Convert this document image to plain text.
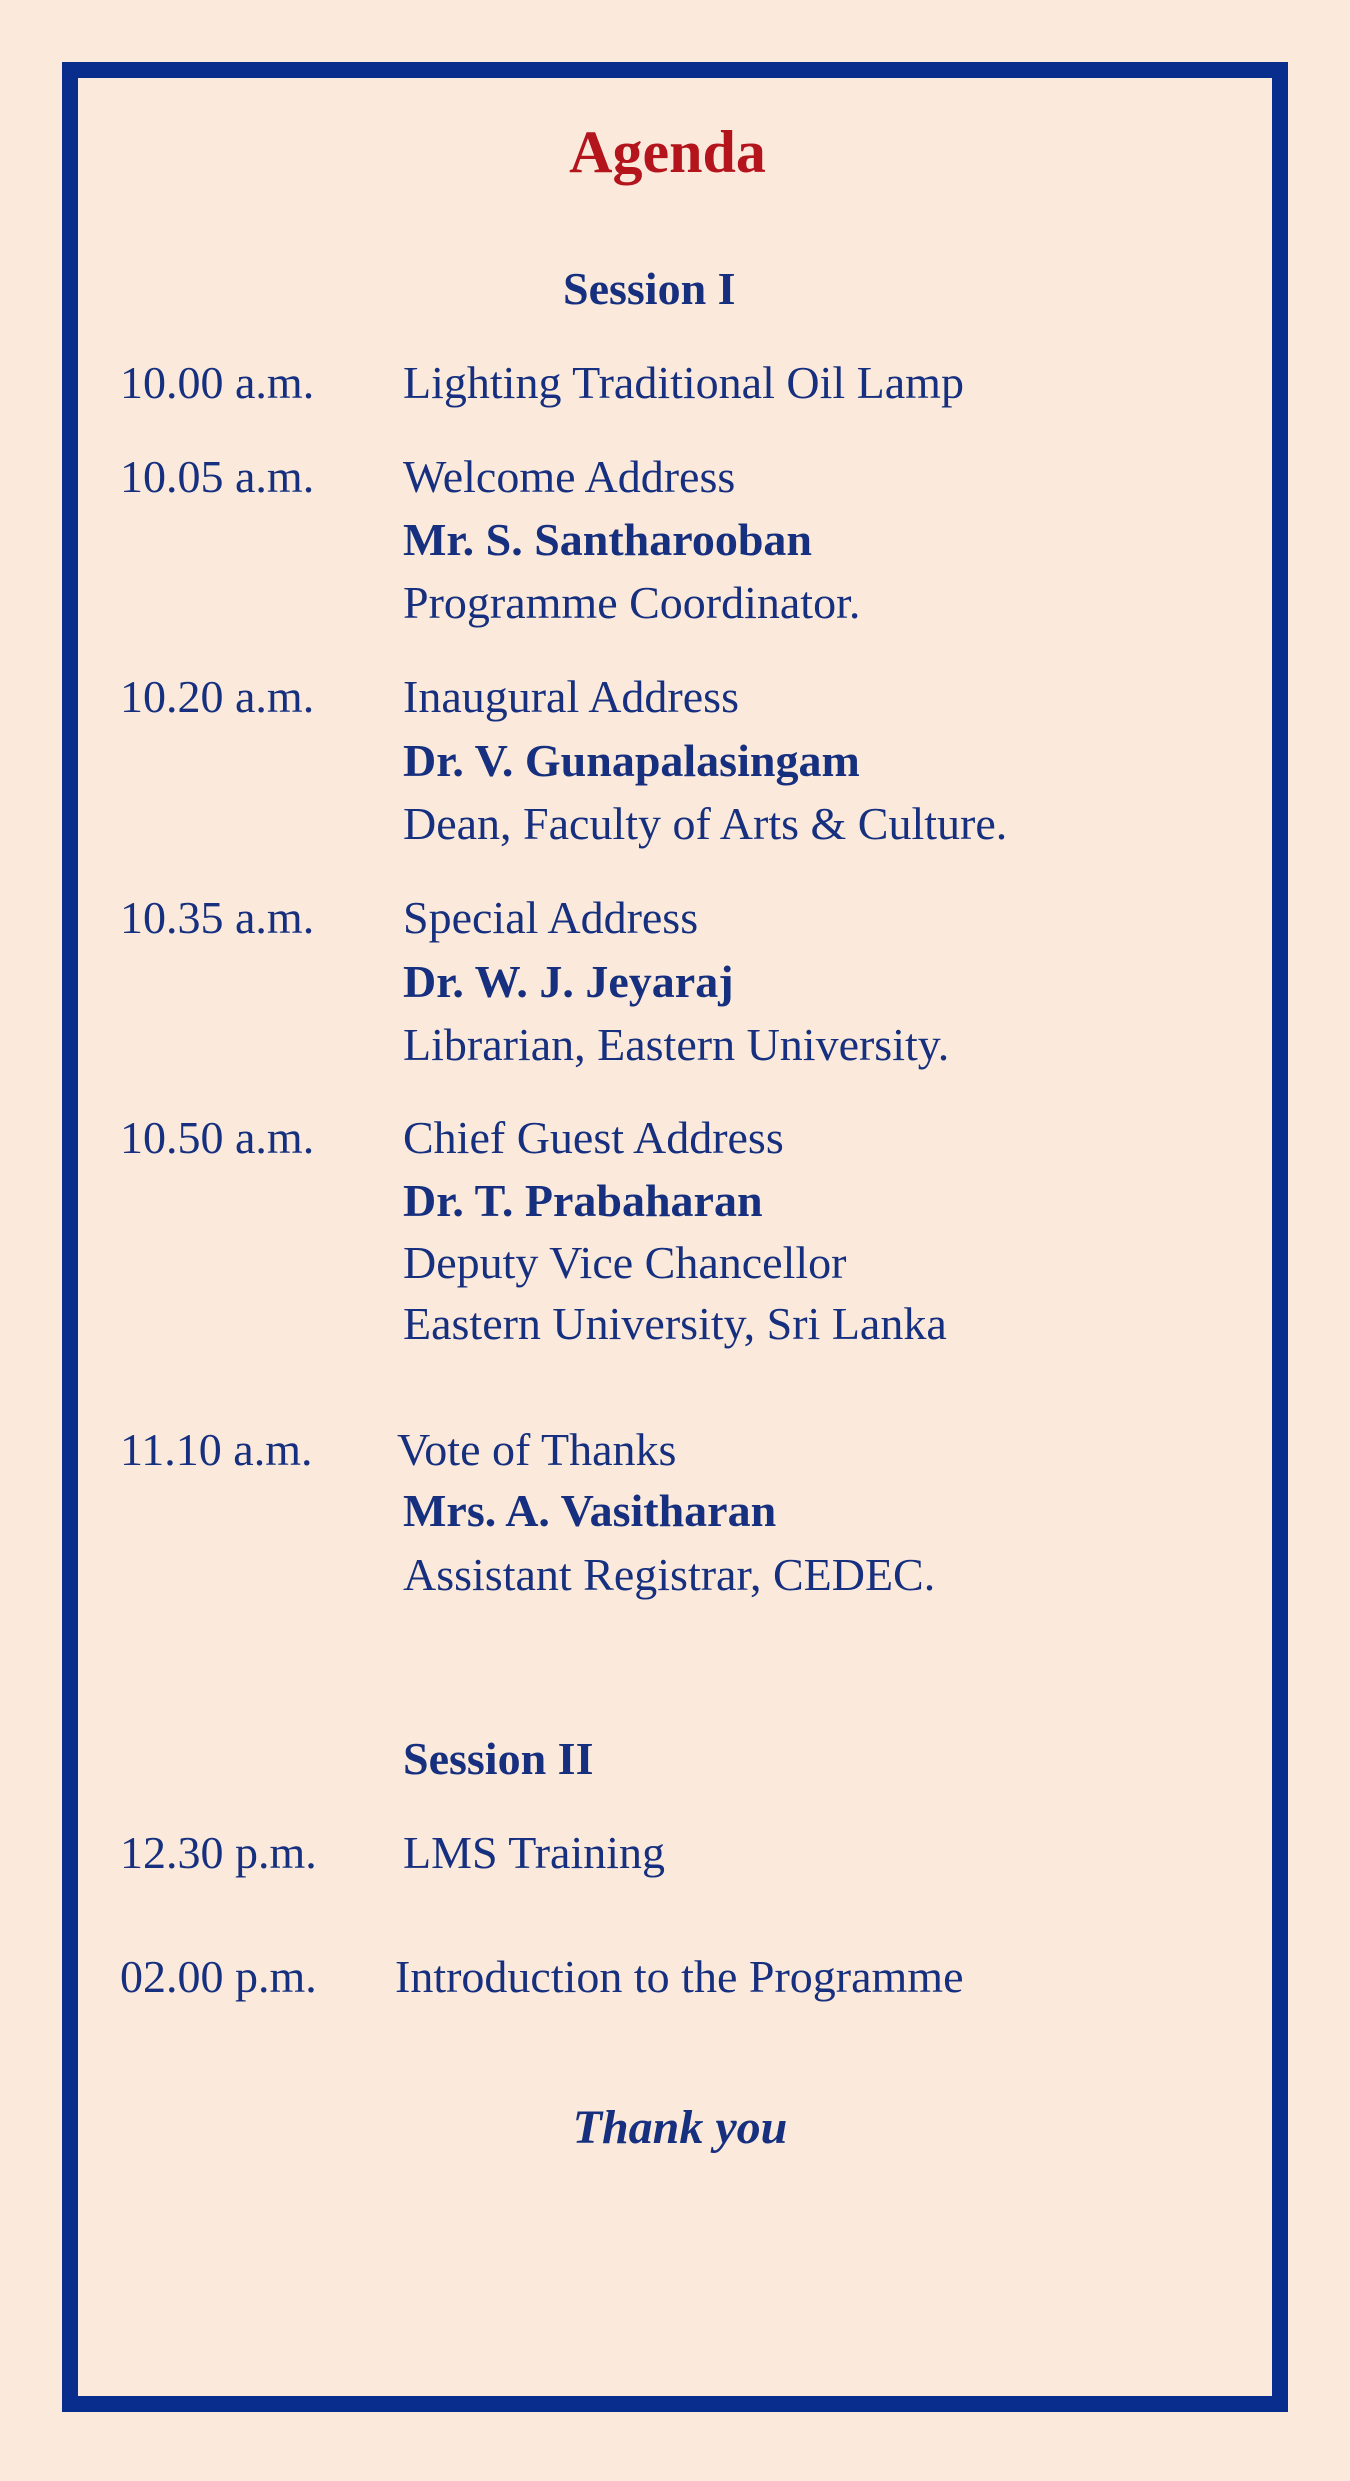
Agenda
Session I
10.00 a.m. Lighting Traditional Oil Lamp
10.05 a.m. Welcome Address
Mr. S. Santharooban
Programme Coordinator.
10.20 a.m. Inaugural Address
Dr. V. Gunapalasingam
Dean, Faculty of Arts & Culture.
10.35 a.m. Special Address
Dr. W. J. Jeyaraj
Librarian, Eastern University.
10.50 a.m. Chief Guest Address
Dr. T. Prabaharan
Deputy Vice Chancellor
Eastern University, Sri Lanka
11.10 a.m. Vote of Thanks
Mrs. A. Vasitharan
Assistant Registrar, CEDEC.
Session II
12.30 p.m. LMS Training
02.00 p.m. Introduction to the Programme
Thank you
